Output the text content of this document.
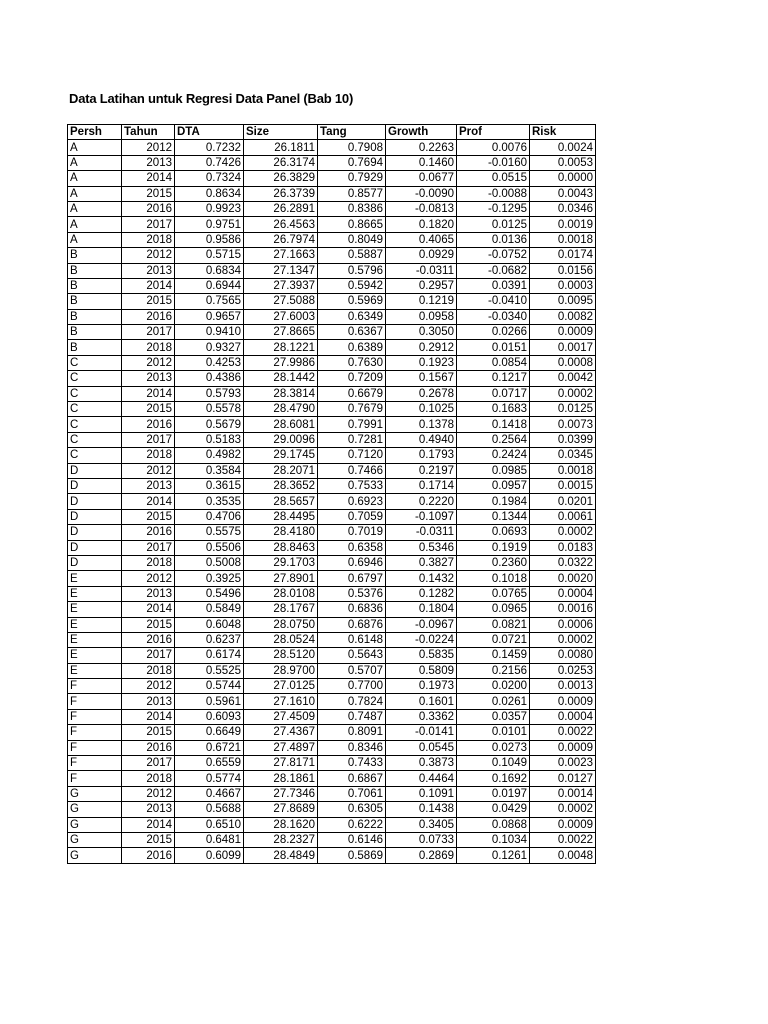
Data Latihan untuk Regresi Data Panel (Bab 10)
Persh	Tahun	DTA	Size	Tang	Growth	Prof	Risk
A	2012	0.7232	26.1811	0.7908	0.2263	0.0076	0.0024
A	2013	0.7426	26.3174	0.7694	0.1460	-0.0160	0.0053
A	2014	0.7324	26.3829	0.7929	0.0677	0.0515	0.0000
A	2015	0.8634	26.3739	0.8577	-0.0090	-0.0088	0.0043
A	2016	0.9923	26.2891	0.8386	-0.0813	-0.1295	0.0346
A	2017	0.9751	26.4563	0.8665	0.1820	0.0125	0.0019
A	2018	0.9586	26.7974	0.8049	0.4065	0.0136	0.0018
B	2012	0.5715	27.1663	0.5887	0.0929	-0.0752	0.0174
B	2013	0.6834	27.1347	0.5796	-0.0311	-0.0682	0.0156
B	2014	0.6944	27.3937	0.5942	0.2957	0.0391	0.0003
B	2015	0.7565	27.5088	0.5969	0.1219	-0.0410	0.0095
B	2016	0.9657	27.6003	0.6349	0.0958	-0.0340	0.0082
B	2017	0.9410	27.8665	0.6367	0.3050	0.0266	0.0009
B	2018	0.9327	28.1221	0.6389	0.2912	0.0151	0.0017
C	2012	0.4253	27.9986	0.7630	0.1923	0.0854	0.0008
C	2013	0.4386	28.1442	0.7209	0.1567	0.1217	0.0042
C	2014	0.5793	28.3814	0.6679	0.2678	0.0717	0.0002
C	2015	0.5578	28.4790	0.7679	0.1025	0.1683	0.0125
C	2016	0.5679	28.6081	0.7991	0.1378	0.1418	0.0073
C	2017	0.5183	29.0096	0.7281	0.4940	0.2564	0.0399
C	2018	0.4982	29.1745	0.7120	0.1793	0.2424	0.0345
D	2012	0.3584	28.2071	0.7466	0.2197	0.0985	0.0018
D	2013	0.3615	28.3652	0.7533	0.1714	0.0957	0.0015
D	2014	0.3535	28.5657	0.6923	0.2220	0.1984	0.0201
D	2015	0.4706	28.4495	0.7059	-0.1097	0.1344	0.0061
D	2016	0.5575	28.4180	0.7019	-0.0311	0.0693	0.0002
D	2017	0.5506	28.8463	0.6358	0.5346	0.1919	0.0183
D	2018	0.5008	29.1703	0.6946	0.3827	0.2360	0.0322
E	2012	0.3925	27.8901	0.6797	0.1432	0.1018	0.0020
E	2013	0.5496	28.0108	0.5376	0.1282	0.0765	0.0004
E	2014	0.5849	28.1767	0.6836	0.1804	0.0965	0.0016
E	2015	0.6048	28.0750	0.6876	-0.0967	0.0821	0.0006
E	2016	0.6237	28.0524	0.6148	-0.0224	0.0721	0.0002
E	2017	0.6174	28.5120	0.5643	0.5835	0.1459	0.0080
E	2018	0.5525	28.9700	0.5707	0.5809	0.2156	0.0253
F	2012	0.5744	27.0125	0.7700	0.1973	0.0200	0.0013
F	2013	0.5961	27.1610	0.7824	0.1601	0.0261	0.0009
F	2014	0.6093	27.4509	0.7487	0.3362	0.0357	0.0004
F	2015	0.6649	27.4367	0.8091	-0.0141	0.0101	0.0022
F	2016	0.6721	27.4897	0.8346	0.0545	0.0273	0.0009
F	2017	0.6559	27.8171	0.7433	0.3873	0.1049	0.0023
F	2018	0.5774	28.1861	0.6867	0.4464	0.1692	0.0127
G	2012	0.4667	27.7346	0.7061	0.1091	0.0197	0.0014
G	2013	0.5688	27.8689	0.6305	0.1438	0.0429	0.0002
G	2014	0.6510	28.1620	0.6222	0.3405	0.0868	0.0009
G	2015	0.6481	28.2327	0.6146	0.0733	0.1034	0.0022
G	2016	0.6099	28.4849	0.5869	0.2869	0.1261	0.0048
